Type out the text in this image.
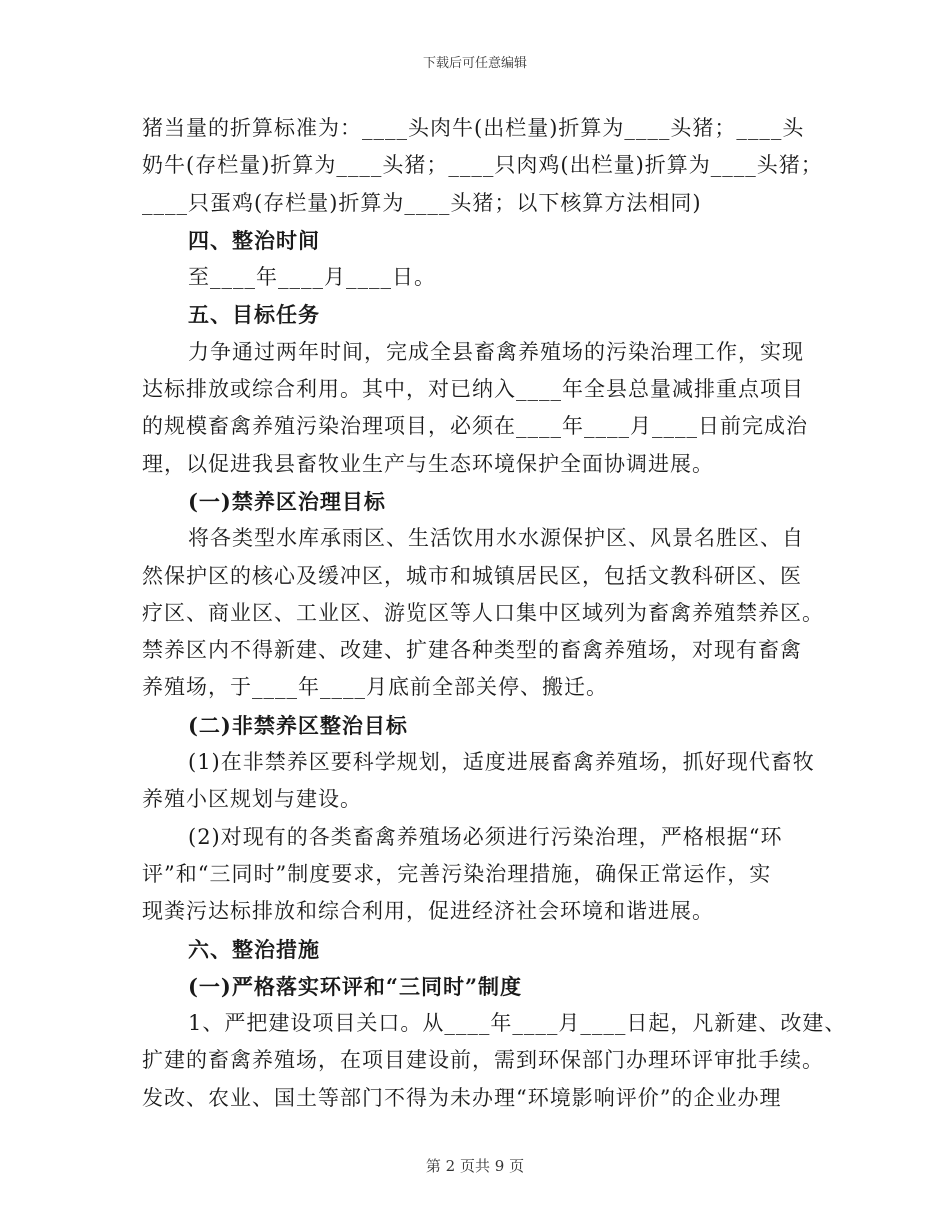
下载后可任意编辑
猪当量的折算标准为：____头肉牛(出栏量)折算为____头猪；____头
奶牛(存栏量)折算为____头猪；____只肉鸡(出栏量)折算为____头猪；
____只蛋鸡(存栏量)折算为____头猪；以下核算方法相同)
四、整治时间
至____年____月____日。
五、目标任务
力争通过两年时间，完成全县畜禽养殖场的污染治理工作，实现
达标排放或综合利用。其中，对已纳入____年全县总量减排重点项目
的规模畜禽养殖污染治理项目，必须在____年____月____日前完成治
理，以促进我县畜牧业生产与生态环境保护全面协调进展。
(一)禁养区治理目标
将各类型水库承雨区、生活饮用水水源保护区、风景名胜区、自
然保护区的核心及缓冲区，城市和城镇居民区，包括文教科研区、医
疗区、商业区、工业区、游览区等人口集中区域列为畜禽养殖禁养区。
禁养区内不得新建、改建、扩建各种类型的畜禽养殖场，对现有畜禽
养殖场，于____年____月底前全部关停、搬迁。
(二)非禁养区整治目标
(1)在非禁养区要科学规划，适度进展畜禽养殖场，抓好现代畜牧
养殖小区规划与建设。
(2)对现有的各类畜禽养殖场必须进行污染治理，严格根据“环
评”和“三同时”制度要求，完善污染治理措施，确保正常运作，实
现粪污达标排放和综合利用，促进经济社会环境和谐进展。
六、整治措施
(一)严格落实环评和“三同时”制度
1、严把建设项目关口。从____年____月____日起，凡新建、改建、
扩建的畜禽养殖场，在项目建设前，需到环保部门办理环评审批手续。
发改、农业、国土等部门不得为未办理“环境影响评价”的企业办理
第 2 页共 9 页
